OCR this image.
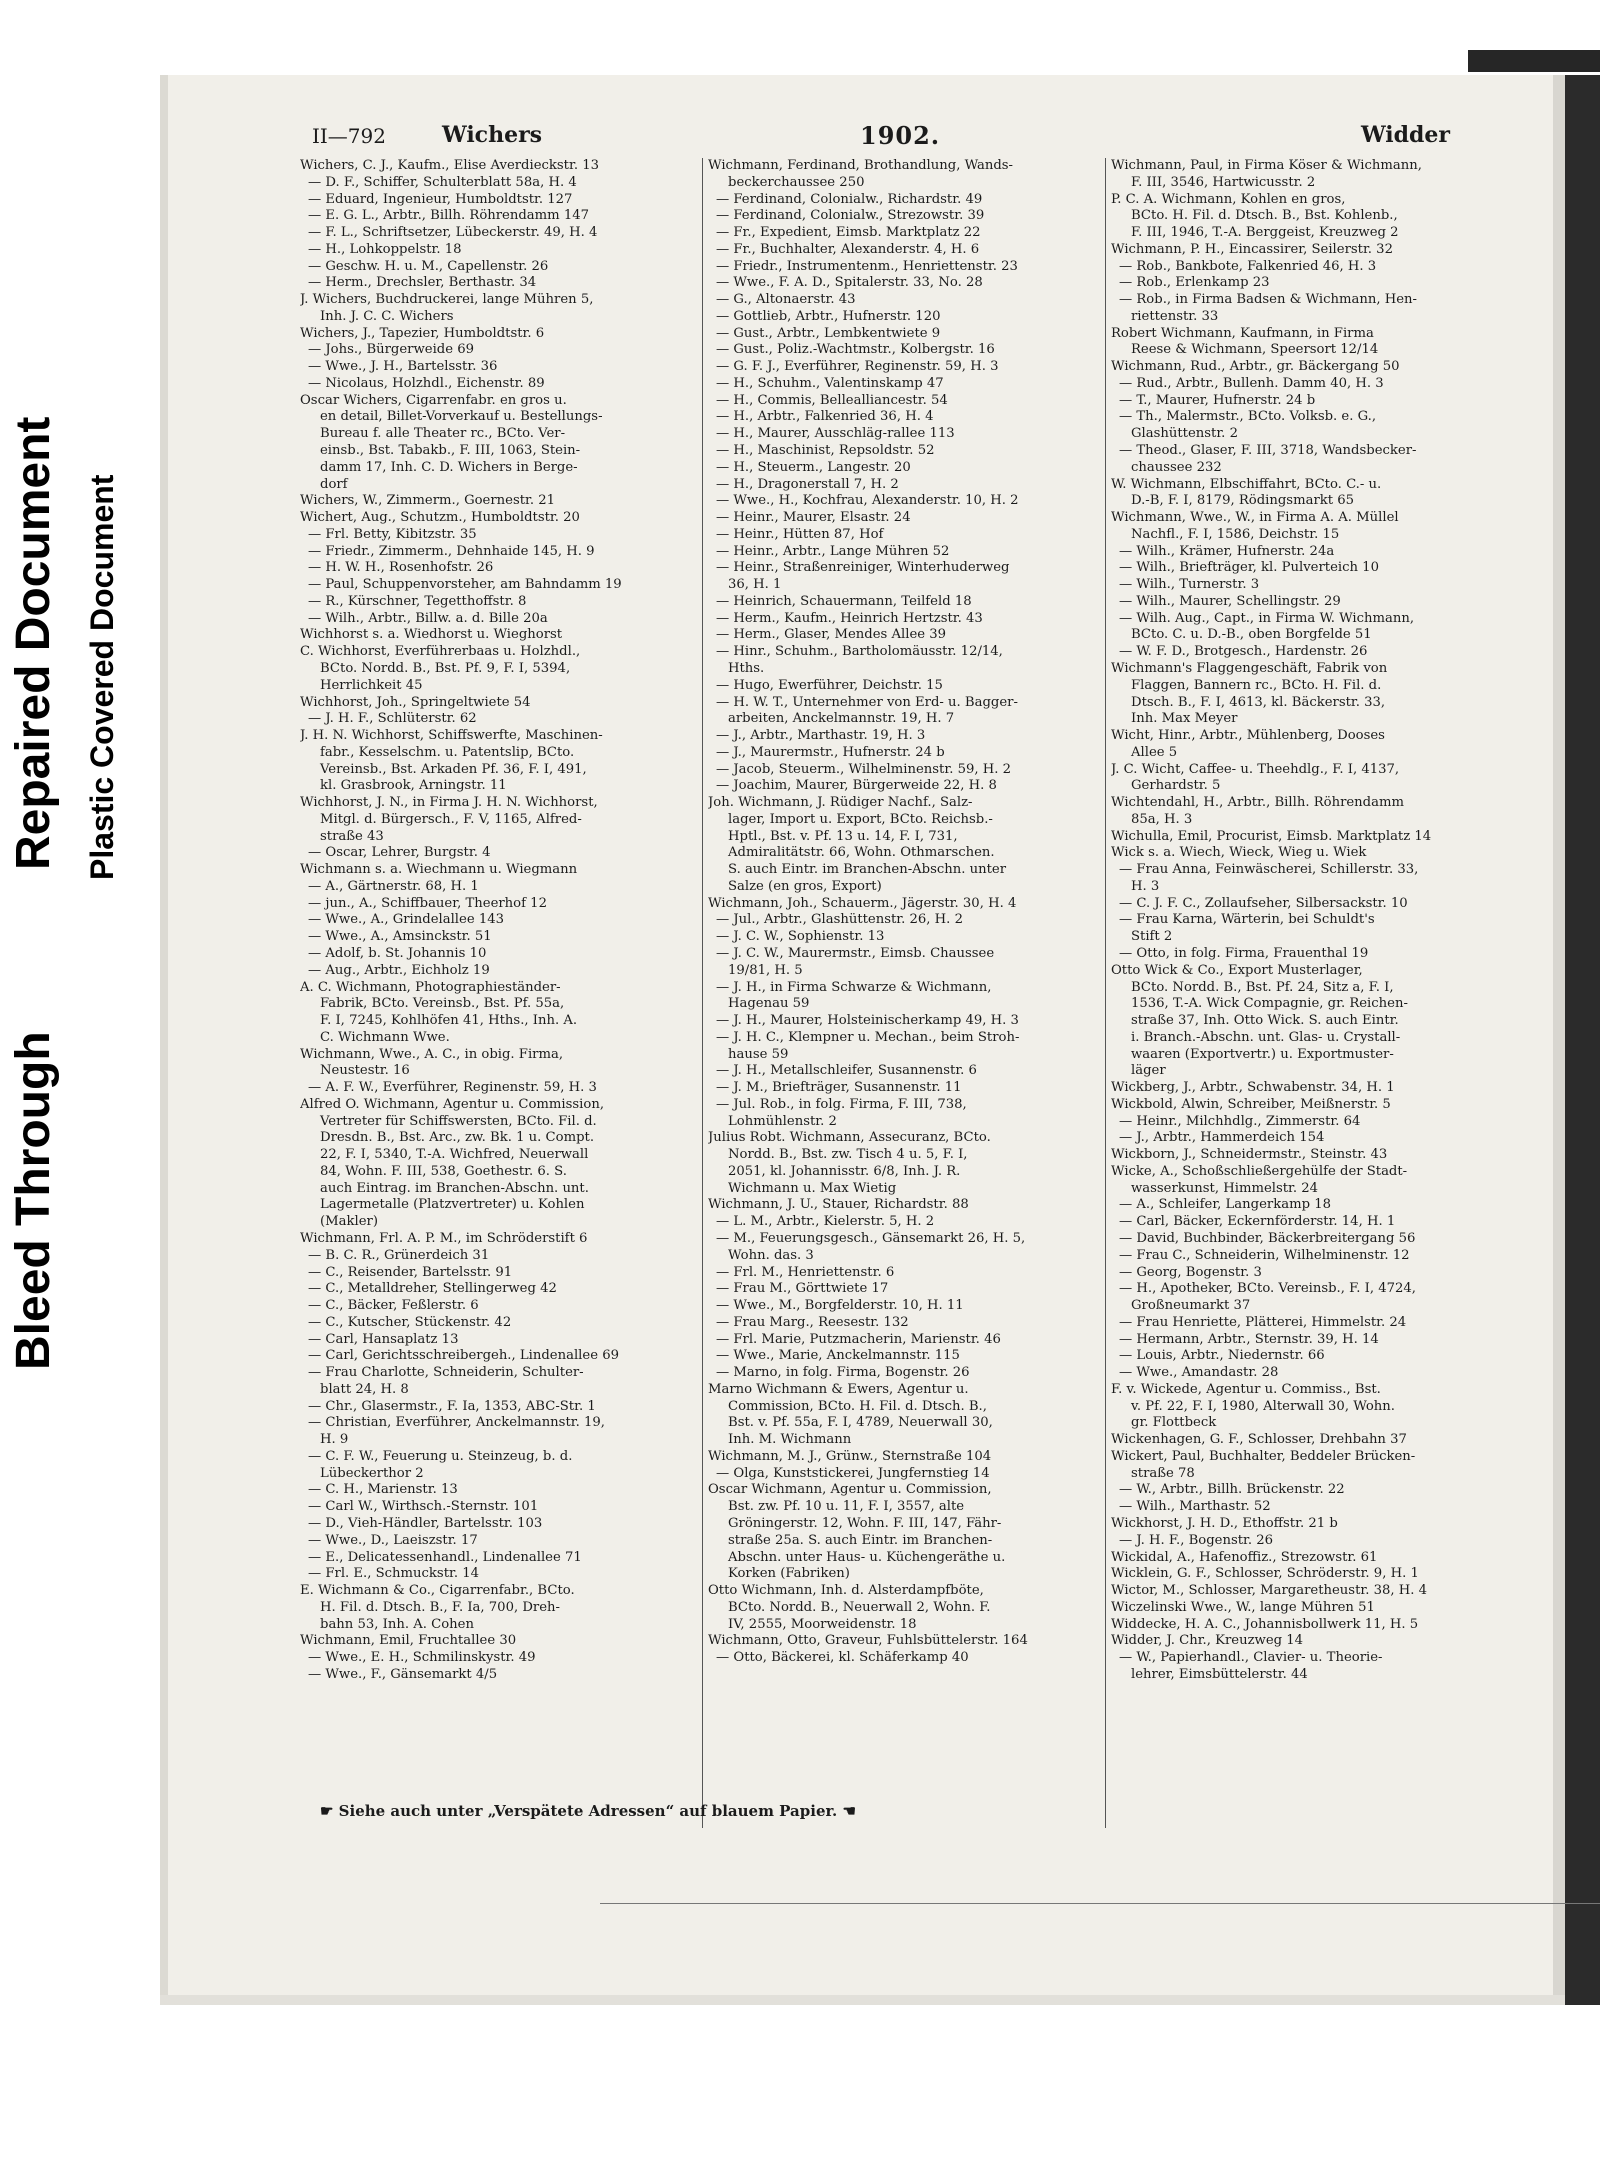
Bleed Through
Repaired Document Plastic Covered Document
II—792	Wichers	1902.	Widder
Wichers, C. J., Kaufm., Elise Averdieckstr. 13
— D. F., Schiffer, Schulterblatt 58a, H. 4
— Eduard, Ingenieur, Humboldtstr. 127
— E. G. L., Arbtr., Billh. Röhrendamm 147
— F. L., Schriftsetzer, Lübeckerstr. 49, H. 4
— H., Lohkoppelstr. 18
— Geschw. H. u. M., Capellenstr. 26
— Herm., Drechsler, Berthastr. 34
J. Wichers, Buchdruckerei, lange Mühren 5,
Inh. J. C. C. Wichers
Wichers, J., Tapezier, Humboldtstr. 6
— Johs., Bürgerweide 69
— Wwe., J. H., Bartelsstr. 36
— Nicolaus, Holzhdl., Eichenstr. 89
Oscar Wichers, Cigarrenfabr. en gros u.
en detail, Billet-Vorverkauf u. Bestellungs-
Bureau f. alle Theater rc., BCto. Ver-
einsb., Bst. Tabakb., F. III, 1063, Stein-
damm 17, Inh. C. D. Wichers in Berge-
dorf
Wichers, W., Zimmerm., Goernestr. 21
Wichert, Aug., Schutzm., Humboldtstr. 20
— Frl. Betty, Kibitzstr. 35
— Friedr., Zimmerm., Dehnhaide 145, H. 9
— H. W. H., Rosenhofstr. 26
— Paul, Schuppenvorsteher, am Bahndamm 19
— R., Kürschner, Tegetthoffstr. 8
— Wilh., Arbtr., Billw. a. d. Bille 20a
Wichhorst s. a. Wiedhorst u. Wieghorst
C. Wichhorst, Everführerbaas u. Holzhdl.,
BCto. Nordd. B., Bst. Pf. 9, F. I, 5394,
Herrlichkeit 45
Wichhorst, Joh., Springeltwiete 54
— J. H. F., Schlüterstr. 62
J. H. N. Wichhorst, Schiffswerfte, Maschinen-
fabr., Kesselschm. u. Patentslip, BCto.
Vereinsb., Bst. Arkaden Pf. 36, F. I, 491,
kl. Grasbrook, Arningstr. 11
Wichhorst, J. N., in Firma J. H. N. Wichhorst,
Mitgl. d. Bürgersch., F. V, 1165, Alfred-
straße 43
— Oscar, Lehrer, Burgstr. 4
Wichmann s. a. Wiechmann u. Wiegmann
— A., Gärtnerstr. 68, H. 1
— jun., A., Schiffbauer, Theerhof 12
— Wwe., A., Grindelallee 143
— Wwe., A., Amsinckstr. 51
— Adolf, b. St. Johannis 10
— Aug., Arbtr., Eichholz 19
A. C. Wichmann, Photographieständer-
Fabrik, BCto. Vereinsb., Bst. Pf. 55a,
F. I, 7245, Kohlhöfen 41, Hths., Inh. A.
C. Wichmann Wwe.
Wichmann, Wwe., A. C., in obig. Firma,
Neustestr. 16
— A. F. W., Everführer, Reginenstr. 59, H. 3
Alfred O. Wichmann, Agentur u. Commission,
Vertreter für Schiffswersten, BCto. Fil. d.
Dresdn. B., Bst. Arc., zw. Bk. 1 u. Compt.
22, F. I, 5340, T.-A. Wichfred, Neuerwall
84, Wohn. F. III, 538, Goethestr. 6. S.
auch Eintrag. im Branchen-Abschn. unt.
Lagermetalle (Platzvertreter) u. Kohlen
(Makler)
Wichmann, Frl. A. P. M., im Schröderstift 6
— B. C. R., Grünerdeich 31
— C., Reisender, Bartelsstr. 91
— C., Metalldreher, Stellingerweg 42
— C., Bäcker, Feßlerstr. 6
— C., Kutscher, Stückenstr. 42
— Carl, Hansaplatz 13
— Carl, Gerichtsschreibergeh., Lindenallee 69
— Frau Charlotte, Schneiderin, Schulter-
blatt 24, H. 8
— Chr., Glasermstr., F. Ia, 1353, ABC-Str. 1
— Christian, Everführer, Anckelmannstr. 19,
H. 9
— C. F. W., Feuerung u. Steinzeug, b. d.
Lübeckerthor 2
— C. H., Marienstr. 13
— Carl W., Wirthsch.-Sternstr. 101
— D., Vieh-Händler, Bartelsstr. 103
— Wwe., D., Laeiszstr. 17
— E., Delicatessenhandl., Lindenallee 71
— Frl. E., Schmuckstr. 14
E. Wichmann & Co., Cigarrenfabr., BCto.
H. Fil. d. Dtsch. B., F. Ia, 700, Dreh-
bahn 53, Inh. A. Cohen
Wichmann, Emil, Fruchtallee 30
— Wwe., E. H., Schmilinskystr. 49
— Wwe., F., Gänsemarkt 4/5
Wichmann, Ferdinand, Brothandlung, Wands-
beckerchaussee 250
— Ferdinand, Colonialw., Richardstr. 49
— Ferdinand, Colonialw., Strezowstr. 39
— Fr., Expedient, Eimsb. Marktplatz 22
— Fr., Buchhalter, Alexanderstr. 4, H. 6
— Friedr., Instrumentenm., Henriettenstr. 23
— Wwe., F. A. D., Spitalerstr. 33, No. 28
— G., Altonaerstr. 43
— Gottlieb, Arbtr., Hufnerstr. 120
— Gust., Arbtr., Lembkentwiete 9
— Gust., Poliz.-Wachtmstr., Kolbergstr. 16
— G. F. J., Everführer, Reginenstr. 59, H. 3
— H., Schuhm., Valentinskamp 47
— H., Commis, Bellealliancestr. 54
— H., Arbtr., Falkenried 36, H. 4
— H., Maurer, Ausschläg-rallee 113
— H., Maschinist, Repsoldstr. 52
— H., Steuerm., Langestr. 20
— H., Dragonerstall 7, H. 2
— Wwe., H., Kochfrau, Alexanderstr. 10, H. 2
— Heinr., Maurer, Elsastr. 24
— Heinr., Hütten 87, Hof
— Heinr., Arbtr., Lange Mühren 52
— Heinr., Straßenreiniger, Winterhuderweg
36, H. 1
— Heinrich, Schauermann, Teilfeld 18
— Herm., Kaufm., Heinrich Hertzstr. 43
— Herm., Glaser, Mendes Allee 39
— Hinr., Schuhm., Bartholomäusstr. 12/14,
Hths.
— Hugo, Ewerführer, Deichstr. 15
— H. W. T., Unternehmer von Erd- u. Bagger-
arbeiten, Anckelmannstr. 19, H. 7
— J., Arbtr., Marthastr. 19, H. 3
— J., Maurermstr., Hufnerstr. 24 b
— Jacob, Steuerm., Wilhelminenstr. 59, H. 2
— Joachim, Maurer, Bürgerweide 22, H. 8
Joh. Wichmann, J. Rüdiger Nachf., Salz-
lager, Import u. Export, BCto. Reichsb.-
Hptl., Bst. v. Pf. 13 u. 14, F. I, 731,
Admiralitätstr. 66, Wohn. Othmarschen.
S. auch Eintr. im Branchen-Abschn. unter
Salze (en gros, Export)
Wichmann, Joh., Schauerm., Jägerstr. 30, H. 4
— Jul., Arbtr., Glashüttenstr. 26, H. 2
— J. C. W., Sophienstr. 13
— J. C. W., Maurermstr., Eimsb. Chaussee
19/81, H. 5
— J. H., in Firma Schwarze & Wichmann,
Hagenau 59
— J. H., Maurer, Holsteinischerkamp 49, H. 3
— J. H. C., Klempner u. Mechan., beim Stroh-
hause 59
— J. H., Metallschleifer, Susannenstr. 6
— J. M., Briefträger, Susannenstr. 11
— Jul. Rob., in folg. Firma, F. III, 738,
Lohmühlenstr. 2
Julius Robt. Wichmann, Assecuranz, BCto.
Nordd. B., Bst. zw. Tisch 4 u. 5, F. I,
2051, kl. Johannisstr. 6/8, Inh. J. R.
Wichmann u. Max Wietig
Wichmann, J. U., Stauer, Richardstr. 88
— L. M., Arbtr., Kielerstr. 5, H. 2
— M., Feuerungsgesch., Gänsemarkt 26, H. 5,
Wohn. das. 3
— Frl. M., Henriettenstr. 6
— Frau M., Görttwiete 17
— Wwe., M., Borgfelderstr. 10, H. 11
— Frau Marg., Reesestr. 132
— Frl. Marie, Putzmacherin, Marienstr. 46
— Wwe., Marie, Anckelmannstr. 115
— Marno, in folg. Firma, Bogenstr. 26
Marno Wichmann & Ewers, Agentur u.
Commission, BCto. H. Fil. d. Dtsch. B.,
Bst. v. Pf. 55a, F. I, 4789, Neuerwall 30,
Inh. M. Wichmann
Wichmann, M. J., Grünw., Sternstraße 104
— Olga, Kunststickerei, Jungfernstieg 14
Oscar Wichmann, Agentur u. Commission,
Bst. zw. Pf. 10 u. 11, F. I, 3557, alte
Gröningerstr. 12, Wohn. F. III, 147, Fähr-
straße 25a. S. auch Eintr. im Branchen-
Abschn. unter Haus- u. Küchengeräthe u.
Korken (Fabriken)
Otto Wichmann, Inh. d. Alsterdampfböte,
BCto. Nordd. B., Neuerwall 2, Wohn. F.
IV, 2555, Moorweidenstr. 18
Wichmann, Otto, Graveur, Fuhlsbüttelerstr. 164
— Otto, Bäckerei, kl. Schäferkamp 40
Wichmann, Paul, in Firma Köser & Wichmann,
F. III, 3546, Hartwicusstr. 2
P. C. A. Wichmann, Kohlen en gros,
BCto. H. Fil. d. Dtsch. B., Bst. Kohlenb.,
F. III, 1946, T.-A. Berggeist, Kreuzweg 2
Wichmann, P. H., Eincassirer, Seilerstr. 32
— Rob., Bankbote, Falkenried 46, H. 3
— Rob., Erlenkamp 23
— Rob., in Firma Badsen & Wichmann, Hen-
riettenstr. 33
Robert Wichmann, Kaufmann, in Firma
Reese & Wichmann, Speersort 12/14
Wichmann, Rud., Arbtr., gr. Bäckergang 50
— Rud., Arbtr., Bullenh. Damm 40, H. 3
— T., Maurer, Hufnerstr. 24 b
— Th., Malermstr., BCto. Volksb. e. G.,
Glashüttenstr. 2
— Theod., Glaser, F. III, 3718, Wandsbecker-
chaussee 232
W. Wichmann, Elbschiffahrt, BCto. C.- u.
D.-B, F. I, 8179, Rödingsmarkt 65
Wichmann, Wwe., W., in Firma A. A. Müllel
Nachfl., F. I, 1586, Deichstr. 15
— Wilh., Krämer, Hufnerstr. 24a
— Wilh., Briefträger, kl. Pulverteich 10
— Wilh., Turnerstr. 3
— Wilh., Maurer, Schellingstr. 29
— Wilh. Aug., Capt., in Firma W. Wichmann,
BCto. C. u. D.-B., oben Borgfelde 51
— W. F. D., Brotgesch., Hardenstr. 26
Wichmann's Flaggengeschäft, Fabrik von
Flaggen, Bannern rc., BCto. H. Fil. d.
Dtsch. B., F. I, 4613, kl. Bäckerstr. 33,
Inh. Max Meyer
Wicht, Hinr., Arbtr., Mühlenberg, Dooses
Allee 5
J. C. Wicht, Caffee- u. Theehdlg., F. I, 4137,
Gerhardstr. 5
Wichtendahl, H., Arbtr., Billh. Röhrendamm
85a, H. 3
Wichulla, Emil, Procurist, Eimsb. Marktplatz 14
Wick s. a. Wiech, Wieck, Wieg u. Wiek
— Frau Anna, Feinwäscherei, Schillerstr. 33,
H. 3
— C. J. F. C., Zollaufseher, Silbersackstr. 10
— Frau Karna, Wärterin, bei Schuldt's
Stift 2
— Otto, in folg. Firma, Frauenthal 19
Otto Wick & Co., Export Musterlager,
BCto. Nordd. B., Bst. Pf. 24, Sitz a, F. I,
1536, T.-A. Wick Compagnie, gr. Reichen-
straße 37, Inh. Otto Wick. S. auch Eintr.
i. Branch.-Abschn. unt. Glas- u. Crystall-
waaren (Exportvertr.) u. Exportmuster-
läger
Wickberg, J., Arbtr., Schwabenstr. 34, H. 1
Wickbold, Alwin, Schreiber, Meißnerstr. 5
— Heinr., Milchhdlg., Zimmerstr. 64
— J., Arbtr., Hammerdeich 154
Wickborn, J., Schneidermstr., Steinstr. 43
Wicke, A., Schoßschließergehülfe der Stadt-
wasserkunst, Himmelstr. 24
— A., Schleifer, Langerkamp 18
— Carl, Bäcker, Eckernförderstr. 14, H. 1
— David, Buchbinder, Bäckerbreitergang 56
— Frau C., Schneiderin, Wilhelminenstr. 12
— Georg, Bogenstr. 3
— H., Apotheker, BCto. Vereinsb., F. I, 4724,
Großneumarkt 37
— Frau Henriette, Plätterei, Himmelstr. 24
— Hermann, Arbtr., Sternstr. 39, H. 14
— Louis, Arbtr., Niedernstr. 66
— Wwe., Amandastr. 28
F. v. Wickede, Agentur u. Commiss., Bst.
v. Pf. 22, F. I, 1980, Alterwall 30, Wohn.
gr. Flottbeck
Wickenhagen, G. F., Schlosser, Drehbahn 37
Wickert, Paul, Buchhalter, Beddeler Brücken-
straße 78
— W., Arbtr., Billh. Brückenstr. 22
— Wilh., Marthastr. 52
Wickhorst, J. H. D., Ethoffstr. 21 b
— J. H. F., Bogenstr. 26
Wickidal, A., Hafenoffiz., Strezowstr. 61
Wicklein, G. F., Schlosser, Schröderstr. 9, H. 1
Wictor, M., Schlosser, Margaretheustr. 38, H. 4
Wiczelinski Wwe., W., lange Mühren 51
Widdecke, H. A. C., Johannisbollwerk 11, H. 5
Widder, J. Chr., Kreuzweg 14
— W., Papierhandl., Clavier- u. Theorie-
lehrer, Eimsbüttelerstr. 44
☛ Siehe auch unter „Verspätete Adressen“ auf blauem Papier. ☚
